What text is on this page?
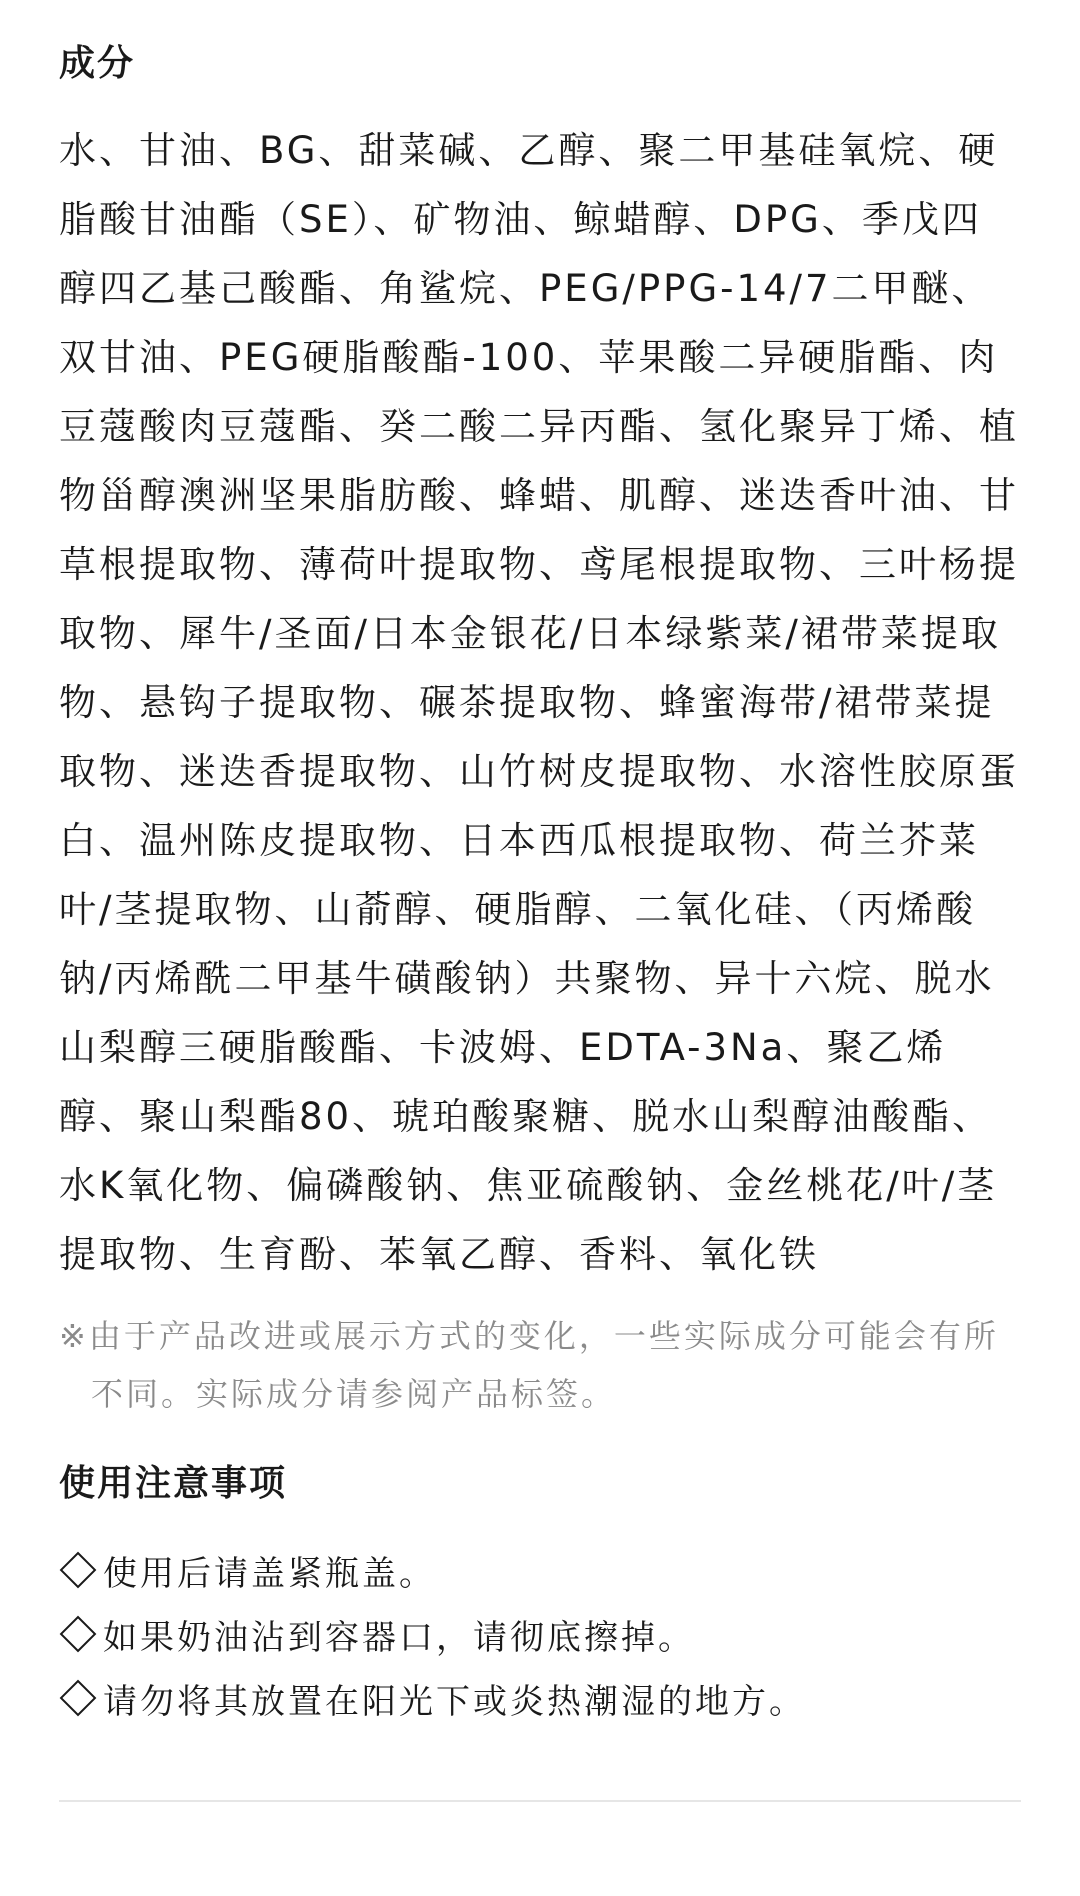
成分
水、甘油、BG、甜菜碱、乙醇、聚二甲基硅氧烷、硬脂酸甘油酯（SE）、矿物油、鲸蜡醇、DPG、季戊四醇四乙基己酸酯、角鲨烷、PEG/PPG-14/7二甲醚、双甘油、PEG硬脂酸酯-100、苹果酸二异硬脂酯、肉豆蔻酸肉豆蔻酯、癸二酸二异丙酯、氢化聚异丁烯、植物甾醇澳洲坚果脂肪酸、蜂蜡、肌醇、迷迭香叶油、甘草根提取物、薄荷叶提取物、鸢尾根提取物、三叶杨提取物、犀牛/圣面/日本金银花/日本绿紫菜/裙带菜提取物、悬钩子提取物、碾茶提取物、蜂蜜海带/裙带菜提取物、迷迭香提取物、山竹树皮提取物、水溶性胶原蛋白、温州陈皮提取物、日本西瓜根提取物、荷兰芥菜叶/茎提取物、山萮醇、硬脂醇、二氧化硅、（丙烯酸钠/丙烯酰二甲基牛磺酸钠）共聚物、异十六烷、脱水山梨醇三硬脂酸酯、卡波姆、EDTA-3Na、聚乙烯醇、聚山梨酯80、琥珀酸聚糖、脱水山梨醇油酸酯、水K氧化物、偏磷酸钠、焦亚硫酸钠、金丝桃花/叶/茎提取物、生育酚、苯氧乙醇、香料、氧化铁
※由于产品改进或展示方式的变化，一些实际成分可能会有所不同。实际成分请参阅产品标签。
使用注意事项
使用后请盖紧瓶盖。
如果奶油沾到容器口，请彻底擦掉。
请勿将其放置在阳光下或炎热潮湿的地方。
